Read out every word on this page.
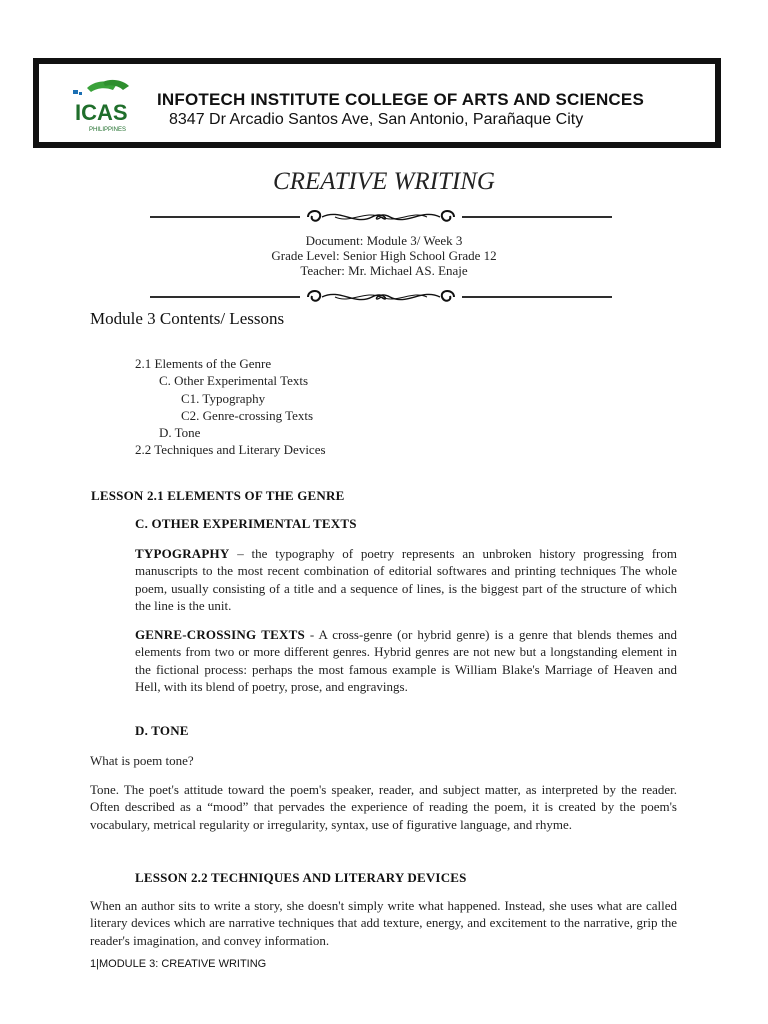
ICAS
PHILIPPINES
INFOTECH INSTITUTE COLLEGE OF ARTS AND SCIENCES
8347 Dr Arcadio Santos Ave, San Antonio, Parañaque City
CREATIVE WRITING
Document: Module 3/ Week 3
Grade Level: Senior High School Grade 12
Teacher: Mr. Michael AS. Enaje
Module 3 Contents/ Lessons
2.1 Elements of the Genre
C. Other Experimental Texts
C1. Typography
C2. Genre-crossing Texts
D. Tone
2.2 Techniques and Literary Devices
LESSON 2.1 ELEMENTS OF THE GENRE
C. OTHER EXPERIMENTAL TEXTS
TYPOGRAPHY – the typography of poetry represents an unbroken history progressing from manuscripts to the most recent combination of editorial softwares and printing techniques The whole poem, usually consisting of a title and a sequence of lines, is the biggest part of the structure of which the line is the unit.
GENRE-CROSSING TEXTS - A cross-genre (or hybrid genre) is a genre that blends themes and elements from two or more different genres. Hybrid genres are not new but a longstanding element in the fictional process: perhaps the most famous example is William Blake's Marriage of Heaven and Hell, with its blend of poetry, prose, and engravings.
D. TONE
What is poem tone?
Tone. The poet's attitude toward the poem's speaker, reader, and subject matter, as interpreted by the reader. Often described as a “mood” that pervades the experience of reading the poem, it is created by the poem's vocabulary, metrical regularity or irregularity, syntax, use of figurative language, and rhyme.
LESSON 2.2 TECHNIQUES AND LITERARY DEVICES
When an author sits to write a story, she doesn't simply write what happened. Instead, she uses what are called literary devices which are narrative techniques that add texture, energy, and excitement to the narrative, grip the reader's imagination, and convey information.
1|MODULE 3: CREATIVE WRITING
